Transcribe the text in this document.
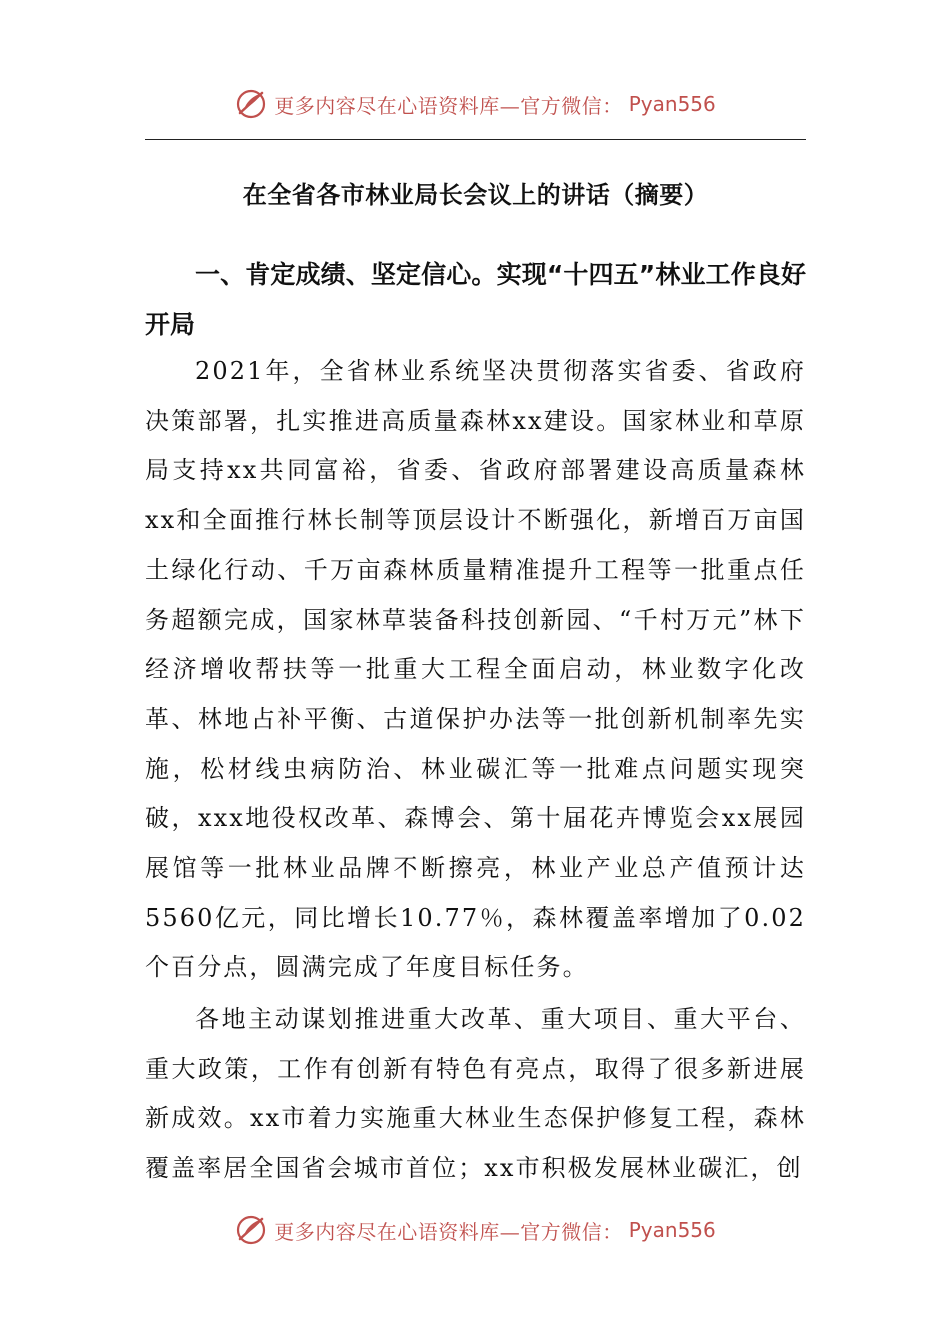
更多内容尽在心语资料库—官方微信： Pyan556
在全省各市林业局长会议上的讲话（摘要）
一、肯定成绩、坚定信心。实现“十四五”林业工作良好开局

2021年，全省林业系统坚决贯彻落实省委、省政府决策部署，扎实推进高质量森林xx建设。国家林业和草原局支持xx共同富裕，省委、省政府部署建设高质量森林xx和全面推行林长制等顶层设计不断强化，新增百万亩国土绿化行动、千万亩森林质量精准提升工程等一批重点任务超额完成，国家林草装备科技创新园、“千村万元”林下经济增收帮扶等一批重大工程全面启动，林业数字化改革、林地占补平衡、古道保护办法等一批创新机制率先实施，松材线虫病防治、林业碳汇等一批难点问题实现突破，xxx地役权改革、森博会、第十届花卉博览会xx展园展馆等一批林业品牌不断擦亮，林业产业总产值预计达5560亿元，同比增长10.77％，森林覆盖率增加了0.02个百分点，圆满完成了年度目标任务。

各地主动谋划推进重大改革、重大项目、重大平台、重大政策，工作有创新有特色有亮点，取得了很多新进展新成效。xx市着力实施重大林业生态保护修复工程，森林覆盖率居全国省会城市首位；xx市积极发展林业碳汇，创

更多内容尽在心语资料库—官方微信： Pyan556
